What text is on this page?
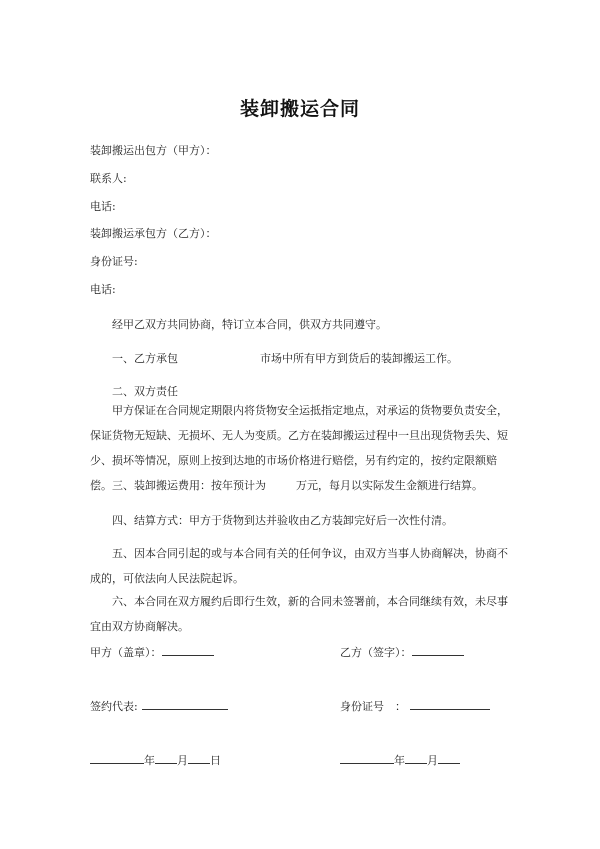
装卸搬运合同
装卸搬运出包方（甲方）：
联系人:
电话:
装卸搬运承包方（乙方）：
身份证号:
电话:
经甲乙双方共同协商，特订立本合同，供双方共同遵守。
一、乙方承包	市场中所有甲方到货后的装卸搬运工作。
二、双方责任
甲方保证在合同规定期限内将货物安全运抵指定地点，对承运的货物要负责安全，保证货物无短缺、无损坏、无人为变质。乙方在装卸搬运过程中一旦出现货物丢失、短少、损坏等情况，原则上按到达地的市场价格进行赔偿，另有约定的，按约定限额赔偿。 三、装卸搬运费用：按年预计为	万元，每月以实际发生金额进行结算。
四、结算方式：甲方于货物到达并验收由乙方装卸完好后一次性付清。
五、因本合同引起的或与本合同有关的任何争议，由双方当事人协商解决，协商不成的，可依法向人民法院起诉。
六、本合同在双方履约后即行生效，新的合同未签署前，本合同继续有效，未尽事宜由双方协商解决。
甲方（盖章）：	乙方（签字）：
签约代表:	身份证号　：
年 月 日	年 月
